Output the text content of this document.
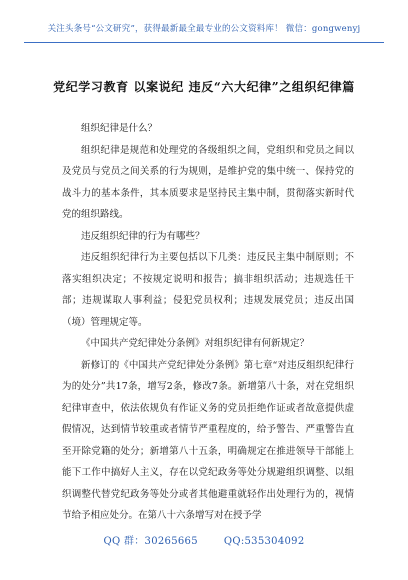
关注头条号“公文研究”，获得最新最全最专业的公文资料库！ 微信：gongwenyj
党纪学习教育 以案说纪 违反“六大纪律”之组织纪律篇

组织纪律是什么？

组织纪律是规范和处理党的各级组织之间，党组织和党员之间以及党员与党员之间关系的行为规则，是维护党的集中统一、保持党的战斗力的基本条件，其本质要求是坚持民主集中制，贯彻落实新时代党的组织路线。

违反组织纪律的行为有哪些？

违反组织纪律行为主要包括以下几类：违反民主集中制原则；不落实组织决定；不按规定说明和报告；搞非组织活动；违规选任干部；违规谋取人事利益；侵犯党员权利；违规发展党员；违反出国（境）管理规定等。

《中国共产党纪律处分条例》对组织纪律有何新规定？

新修订的《中国共产党纪律处分条例》第七章“对违反组织纪律行为的处分”共17条，增写2条，修改7条。新增第八十条，对在党组织纪律审查中，依法依规负有作证义务的党员拒绝作证或者故意提供虚假情况，达到情节较重或者情节严重程度的，给予警告、严重警告直至开除党籍的处分；新增第八十五条，明确规定在推进领导干部能上能下工作中搞好人主义，存在以党纪政务等处分规避组织调整、以组织调整代替党纪政务等处分或者其他避重就轻作出处理行为的，视情节给予相应处分。在第八十六条增写对在授予学

QQ 群：30265665	QQ:535304092
